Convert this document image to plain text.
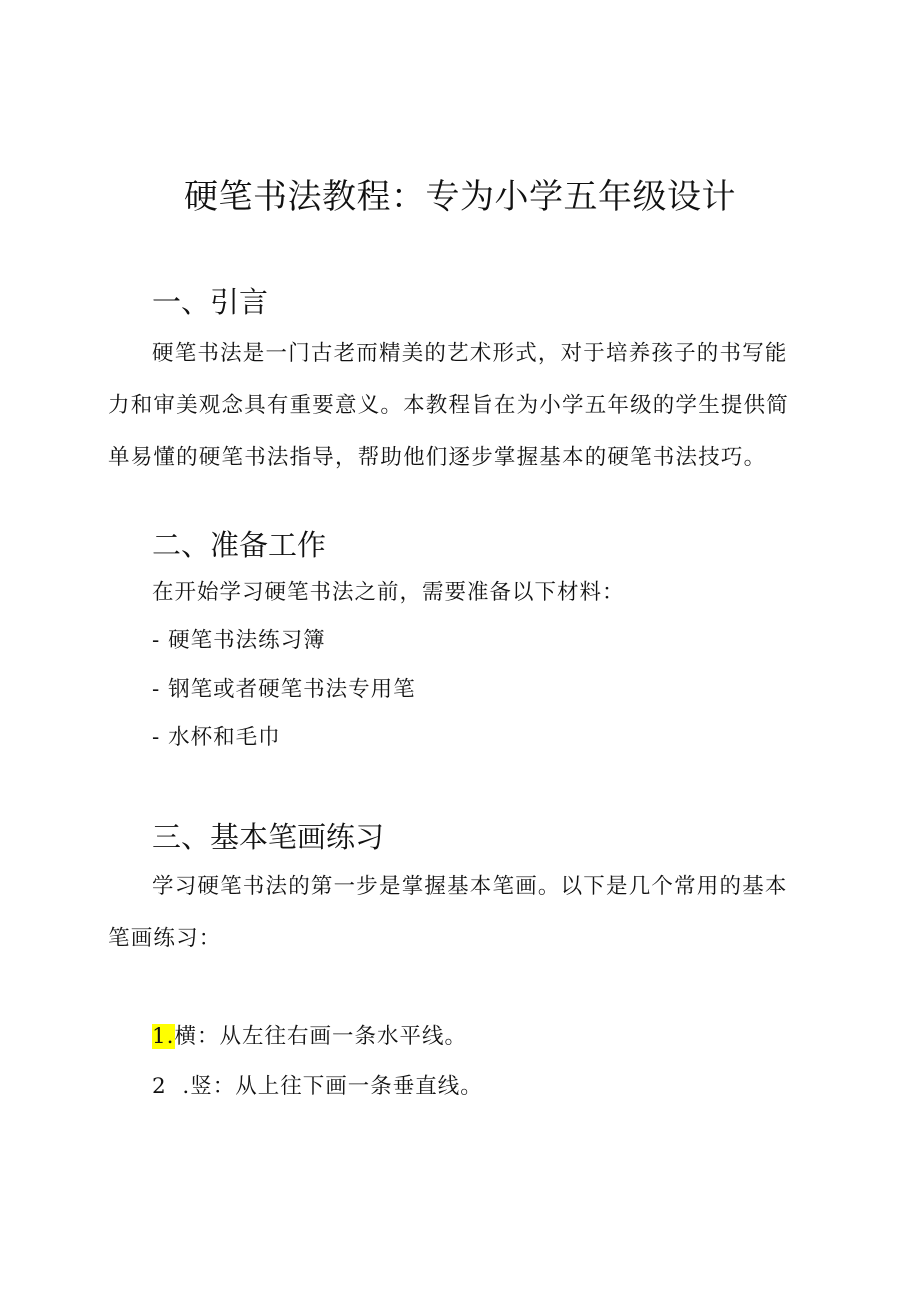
硬笔书法教程：专为小学五年级设计
一、引言
硬笔书法是一门古老而精美的艺术形式，对于培养孩子的书写能力和审美观念具有重要意义。本教程旨在为小学五年级的学生提供简单易懂的硬笔书法指导，帮助他们逐步掌握基本的硬笔书法技巧。
二、准备工作
在开始学习硬笔书法之前，需要准备以下材料：
- 硬笔书法练习簿
- 钢笔或者硬笔书法专用笔
- 水杯和毛巾
三、基本笔画练习
学习硬笔书法的第一步是掌握基本笔画。以下是几个常用的基本笔画练习：
1.横：从左往右画一条水平线。
2  .竖：从上往下画一条垂直线。
